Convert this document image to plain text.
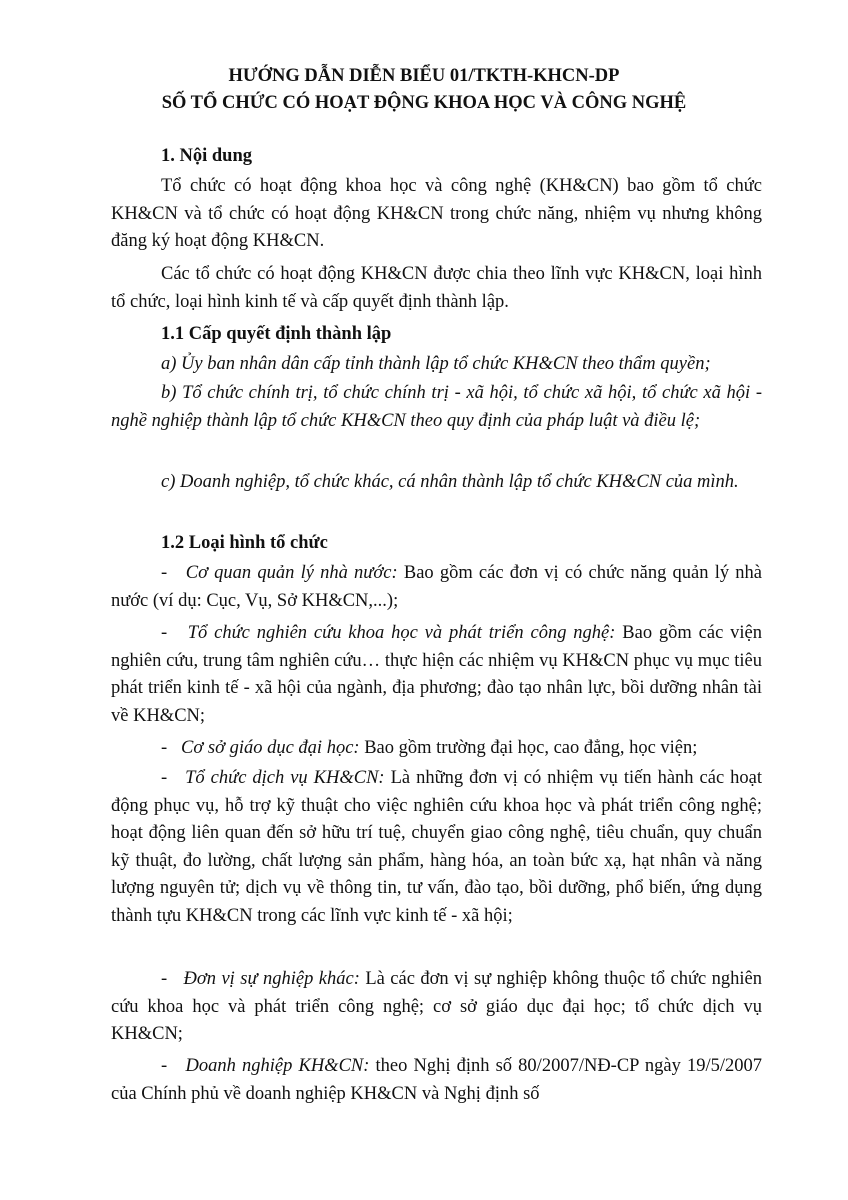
HƯỚNG DẪN DIỄN BIỂU 01/TKTH-KHCN-DP
SỐ TỔ CHỨC CÓ HOẠT ĐỘNG KHOA HỌC VÀ CÔNG NGHỆ
1. Nội dung
Tổ chức có hoạt động khoa học và công nghệ (KH&CN) bao gồm tổ chức KH&CN và tổ chức có hoạt động KH&CN trong chức năng, nhiệm vụ nhưng không đăng ký hoạt động KH&CN.
Các tổ chức có hoạt động KH&CN được chia theo lĩnh vực KH&CN, loại hình tổ chức, loại hình kinh tế và cấp quyết định thành lập.
1.1 Cấp quyết định thành lập
a) Ủy ban nhân dân cấp tỉnh thành lập tổ chức KH&CN theo thẩm quyền;
b) Tổ chức chính trị, tổ chức chính trị - xã hội, tổ chức xã hội, tổ chức xã hội - nghề nghiệp thành lập tổ chức KH&CN theo quy định của pháp luật và điều lệ;
c) Doanh nghiệp, tổ chức khác, cá nhân thành lập tổ chức KH&CN của mình.
1.2 Loại hình tổ chức
- Cơ quan quản lý nhà nước: Bao gồm các đơn vị có chức năng quản lý nhà nước (ví dụ: Cục, Vụ, Sở KH&CN,...);
- Tổ chức nghiên cứu khoa học và phát triển công nghệ: Bao gồm các viện nghiên cứu, trung tâm nghiên cứu… thực hiện các nhiệm vụ KH&CN phục vụ mục tiêu phát triển kinh tế - xã hội của ngành, địa phương; đào tạo nhân lực, bồi dưỡng nhân tài về KH&CN;
- Cơ sở giáo dục đại học: Bao gồm trường đại học, cao đẳng, học viện;
- Tổ chức dịch vụ KH&CN: Là những đơn vị có nhiệm vụ tiến hành các hoạt động phục vụ, hỗ trợ kỹ thuật cho việc nghiên cứu khoa học và phát triển công nghệ; hoạt động liên quan đến sở hữu trí tuệ, chuyển giao công nghệ, tiêu chuẩn, quy chuẩn kỹ thuật, đo lường, chất lượng sản phẩm, hàng hóa, an toàn bức xạ, hạt nhân và năng lượng nguyên tử; dịch vụ về thông tin, tư vấn, đào tạo, bồi dưỡng, phổ biến, ứng dụng thành tựu KH&CN trong các lĩnh vực kinh tế - xã hội;
- Đơn vị sự nghiệp khác: Là các đơn vị sự nghiệp không thuộc tổ chức nghiên cứu khoa học và phát triển công nghệ; cơ sở giáo dục đại học; tổ chức dịch vụ KH&CN;
- Doanh nghiệp KH&CN: theo Nghị định số 80/2007/NĐ-CP ngày 19/5/2007 của Chính phủ về doanh nghiệp KH&CN và Nghị định số
